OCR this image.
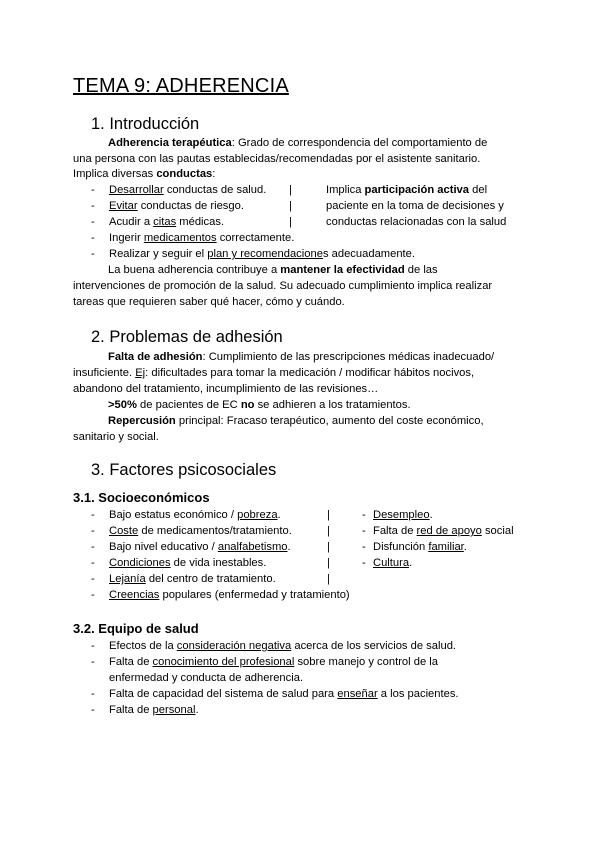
TEMA 9: ADHERENCIA
1. Introducción
Adherencia terapéutica: Grado de correspondencia del comportamiento de
una persona con las pautas establecidas/recomendadas por el asistente sanitario.
Implica diversas conductas:
- Desarrollar conductas de salud.
- Evitar conductas de riesgo.
- Acudir a citas médicas.
- Ingerir medicamentos correctamente.
- Realizar y seguir el plan y recomendaciones adecuadamente.
|
|
|
Implica participación activa del
paciente en la toma de decisiones y
conductas relacionadas con la salud
La buena adherencia contribuye a mantener la efectividad de las
intervenciones de promoción de la salud. Su adecuado cumplimiento implica realizar
tareas que requieren saber qué hacer, cómo y cuándo.
2. Problemas de adhesión
Falta de adhesión: Cumplimiento de las prescripciones médicas inadecuado/
insuficiente. Ej: dificultades para tomar la medicación / modificar hábitos nocivos,
abandono del tratamiento, incumplimiento de las revisiones…
>50% de pacientes de EC no se adhieren a los tratamientos.
Repercusión principal: Fracaso terapéutico, aumento del coste económico,
sanitario y social.
3. Factores psicosociales
3.1. Socioeconómicos
- Bajo estatus económico / pobreza.
- Coste de medicamentos/tratamiento.
- Bajo nivel educativo / analfabetismo.
- Condiciones de vida inestables.
- Lejanía del centro de tratamiento.
- Creencias populares (enfermedad y tratamiento)
|
|
|
|
|
- Desempleo.
- Falta de red de apoyo social
- Disfunción familiar.
- Cultura.
3.2. Equipo de salud
- Efectos de la consideración negativa acerca de los servicios de salud.
- Falta de conocimiento del profesional sobre manejo y control de la
enfermedad y conducta de adherencia.
- Falta de capacidad del sistema de salud para enseñar a los pacientes.
- Falta de personal.
